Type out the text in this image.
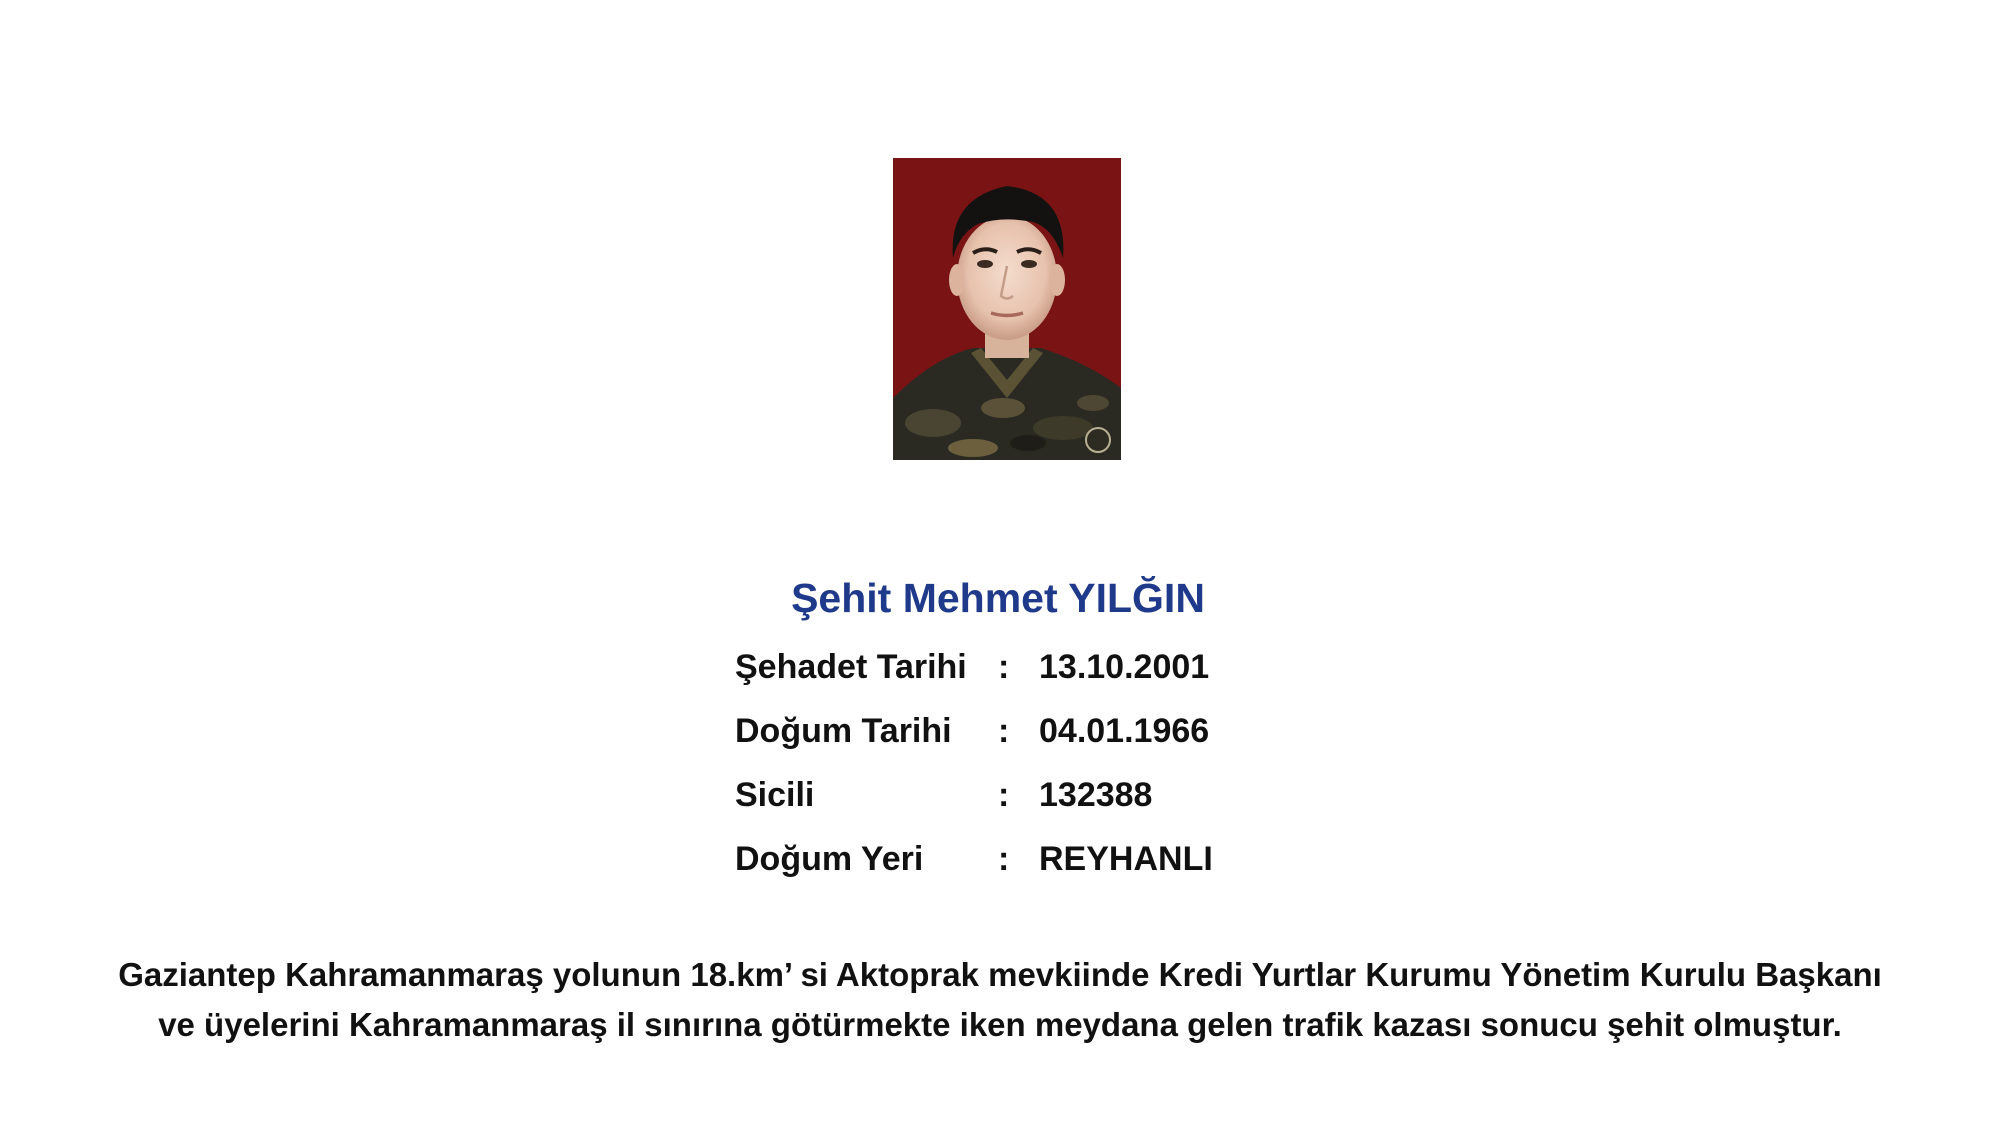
Şehit Mehmet YILĞIN
Şehadet Tarihi : 13.10.2001
Doğum Tarihi	: 04.01.1966
Sicili	: 132388
Doğum Yeri	: REYHANLI

Gaziantep Kahramanmaraş yolunun 18.km’ si Aktoprak mevkiinde Kredi Yurtlar Kurumu Yönetim Kurulu Başkanı

ve üyelerini Kahramanmaraş il sınırına götürmekte iken meydana gelen trafik kazası sonucu şehit olmuştur.
